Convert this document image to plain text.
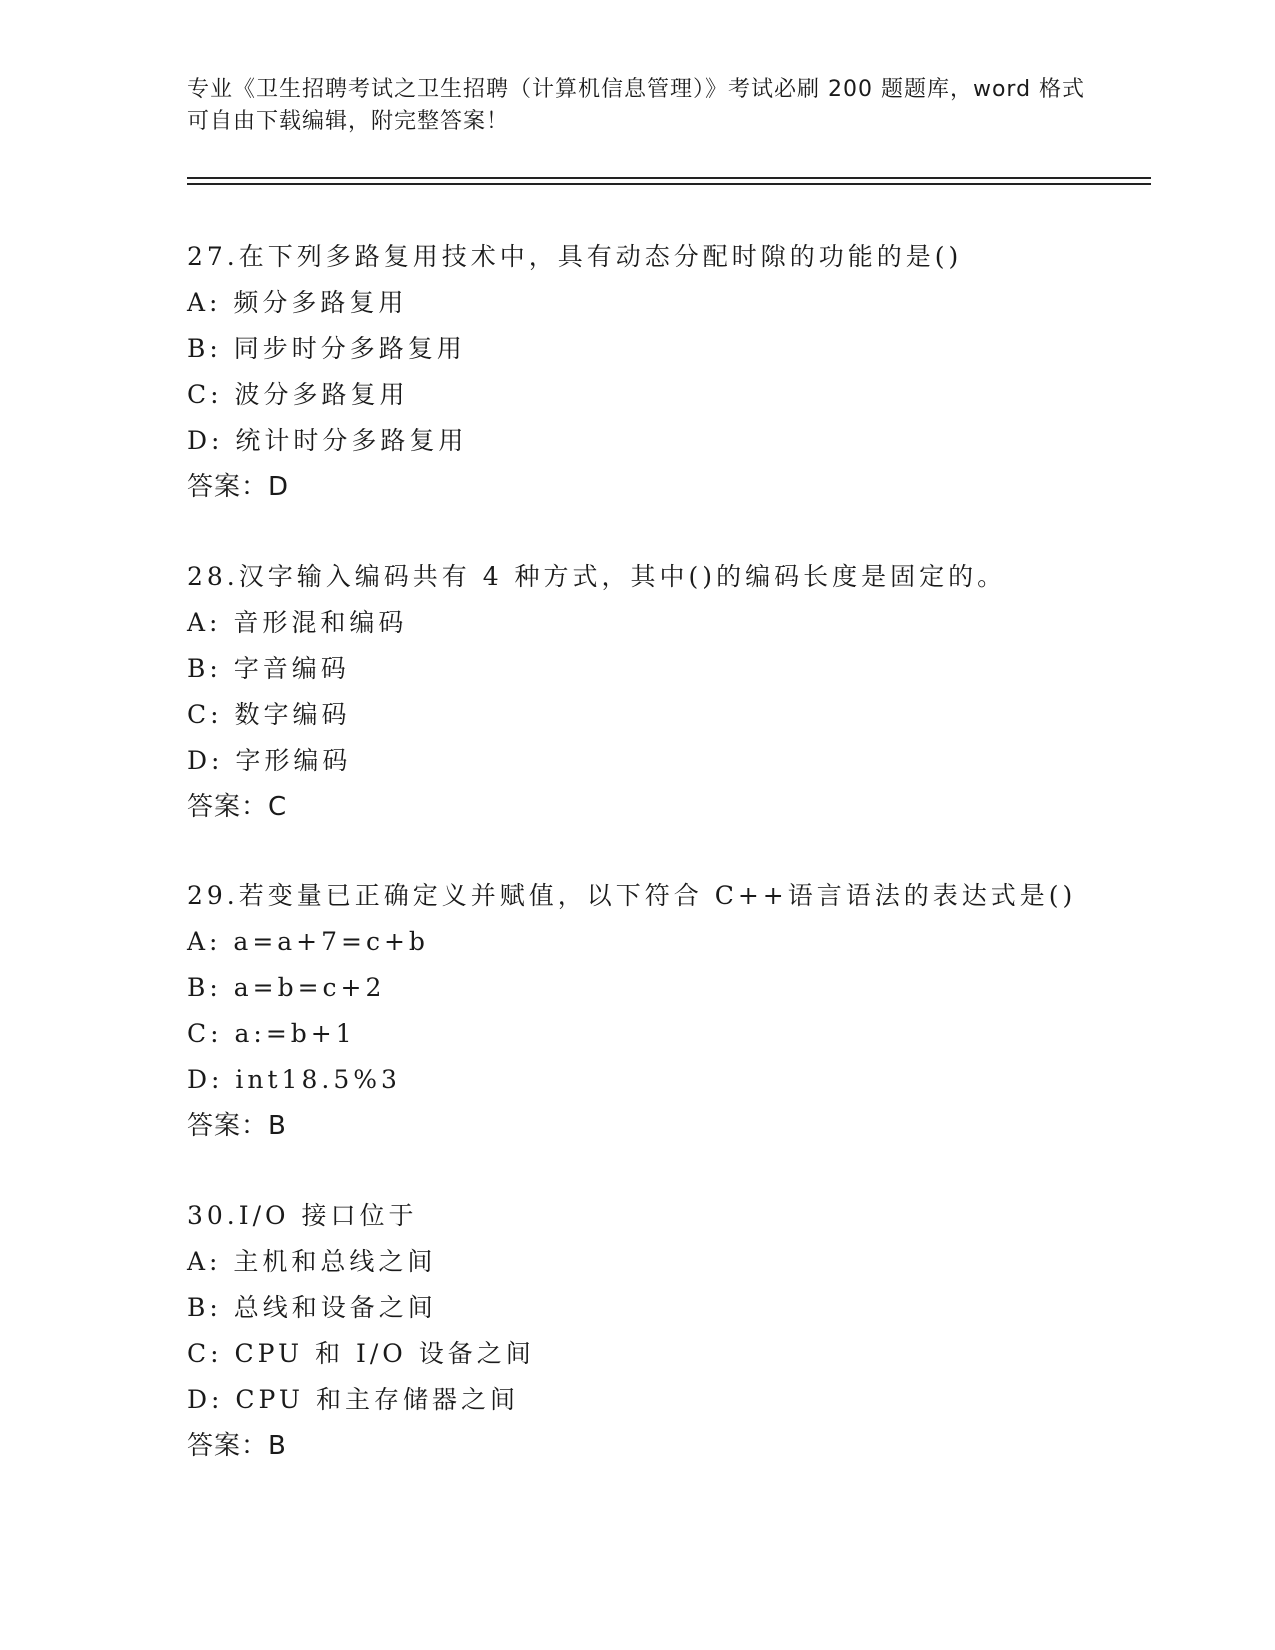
专业《卫生招聘考试之卫生招聘（计算机信息管理）》考试必刷 200 题题库，word 格式可自由下载编辑，附完整答案！
27.在下列多路复用技术中，具有动态分配时隙的功能的是()
A: 频分多路复用
B: 同步时分多路复用
C: 波分多路复用
D: 统计时分多路复用
答案：D
28.汉字输入编码共有 4 种方式，其中()的编码长度是固定的。
A: 音形混和编码
B: 字音编码
C: 数字编码
D: 字形编码
答案：C
29.若变量已正确定义并赋值，以下符合 C++语言语法的表达式是()
A: a=a+7=c+b
B: a=b=c+2
C: a:=b+1
D: int18.5%3
答案：B
30.I/O 接口位于
A: 主机和总线之间
B: 总线和设备之间
C: CPU 和 I/O 设备之间
D: CPU 和主存储器之间
答案：B
